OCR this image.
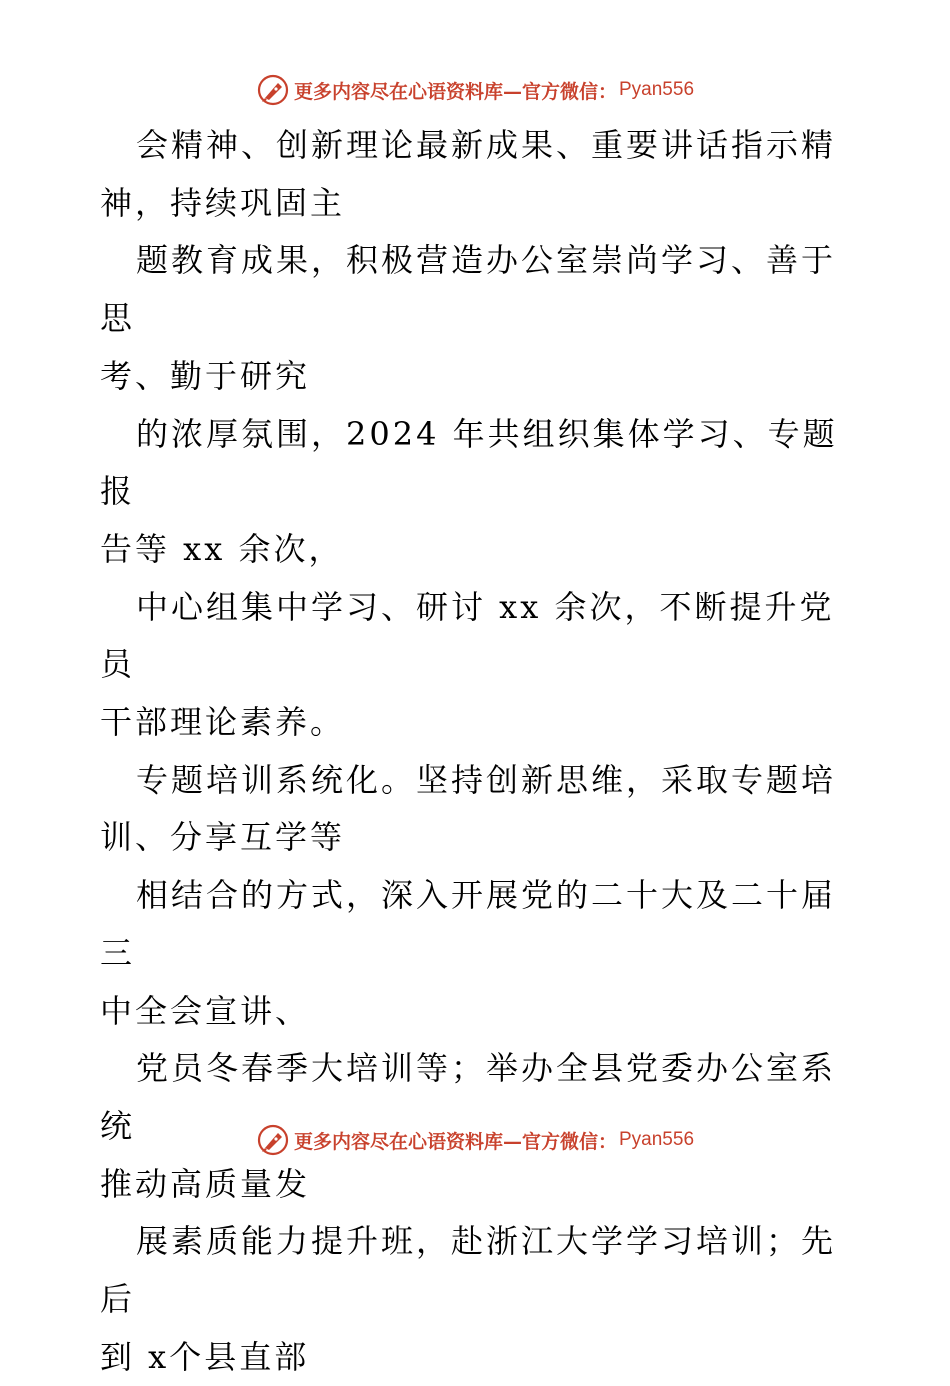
更多内容尽在心语资料库—官方微信： Pyan556

会精神、创新理论最新成果、重要讲话指示精
神，持续巩固主

题教育成果，积极营造办公室崇尚学习、善于思
考、勤于研究

的浓厚氛围，2024 年共组织集体学习、专题报
告等 xx 余次，

中心组集中学习、研讨 xx 余次，不断提升党员
干部理论素养。

专题培训系统化。坚持创新思维，采取专题培
训、分享互学等

相结合的方式，深入开展党的二十大及二十届三
中全会宣讲、

党员冬春季大培训等；举办全县党委办公室系统
推动高质量发

展素质能力提升班，赴浙江大学学习培训；先后
到 x个县直部

更多内容尽在心语资料库—官方微信： Pyan556
